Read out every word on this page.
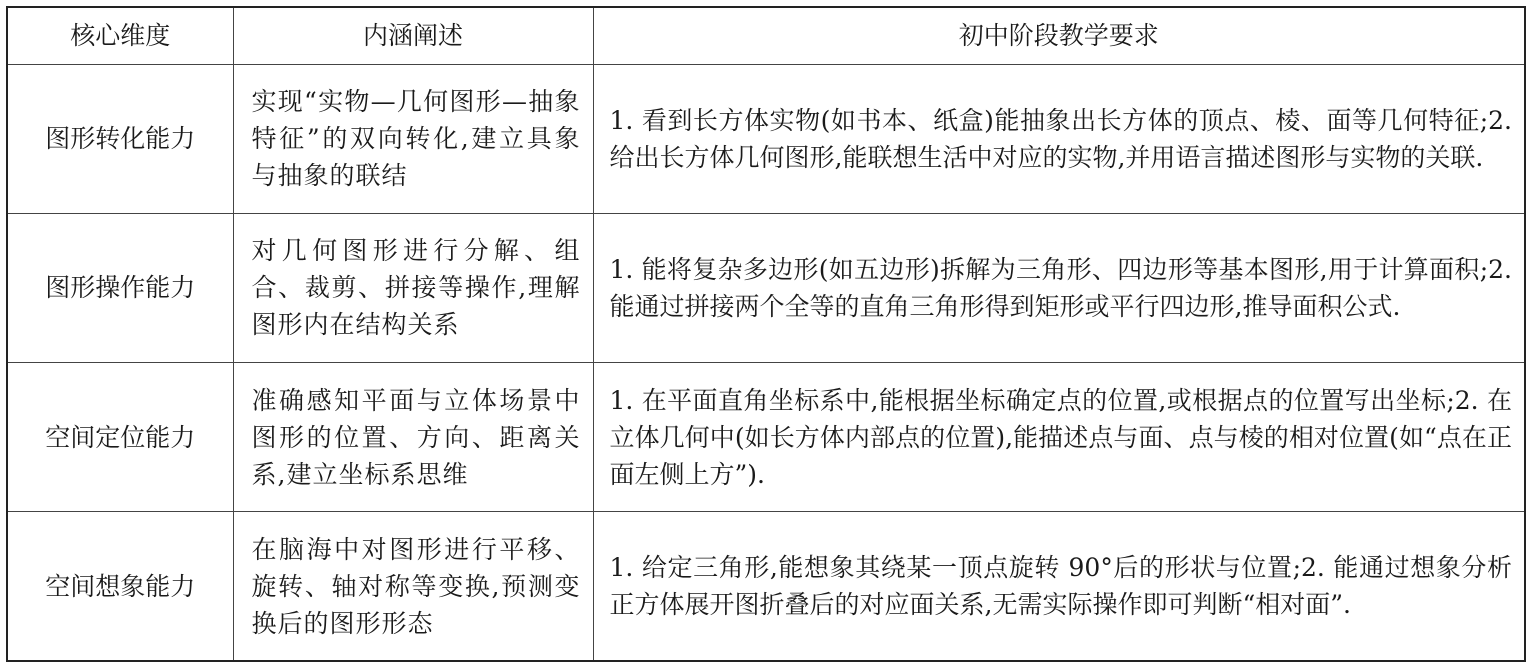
核心维度	内涵阐述	初中阶段教学要求
图形转化能力	实现“实物—几何图形—抽象特征”的双向转化,建立具象与抽象的联结	1. 看到长方体实物(如书本、纸盒)能抽象出长方体的顶点、棱、面等几何特征;2. 给出长方体几何图形,能联想生活中对应的实物,并用语言描述图形与实物的关联.
图形操作能力	对几何图形进行分解、组合、裁剪、拼接等操作,理解图形内在结构关系	1. 能将复杂多边形(如五边形)拆解为三角形、四边形等基本图形,用于计算面积;2. 能通过拼接两个全等的直角三角形得到矩形或平行四边形,推导面积公式.
空间定位能力	准确感知平面与立体场景中图形的位置、方向、距离关系,建立坐标系思维	1. 在平面直角坐标系中,能根据坐标确定点的位置,或根据点的位置写出坐标;2. 在立体几何中(如长方体内部点的位置),能描述点与面、点与棱的相对位置(如“点在正面左侧上方”).
空间想象能力	在脑海中对图形进行平移、旋转、轴对称等变换,预测变换后的图形形态	1. 给定三角形,能想象其绕某一顶点旋转 90°后的形状与位置;2. 能通过想象分析正方体展开图折叠后的对应面关系,无需实际操作即可判断“相对面”.
